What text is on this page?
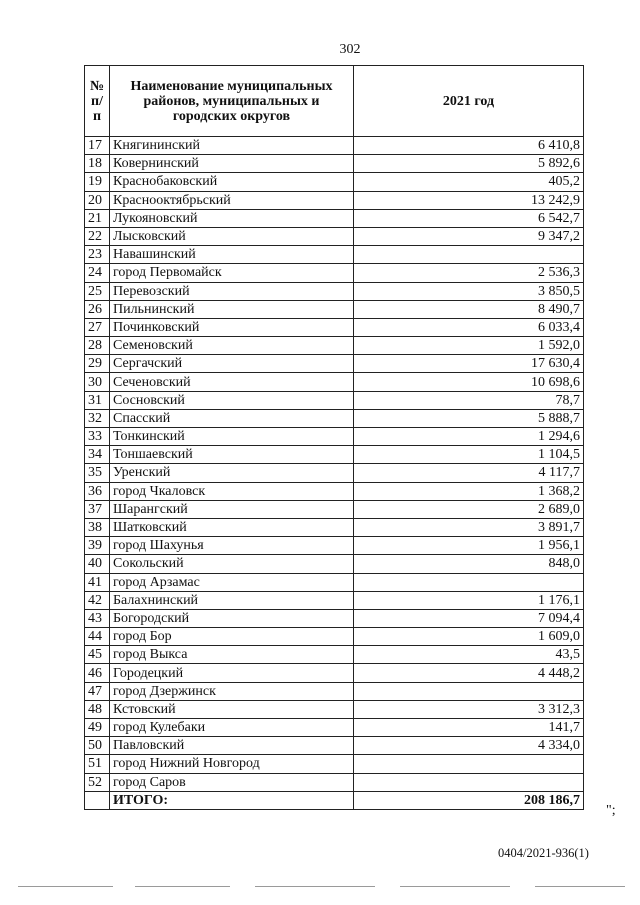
302
№ п/п	Наименование муниципальных районов, муниципальных и городских округов	2021 год
17	Княгининский	6 410,8
18	Ковернинский	5 892,6
19	Краснобаковский	405,2
20	Краснооктябрьский	13 242,9
21	Лукояновский	6 542,7
22	Лысковский	9 347,2
23	Навашинский	
24	город Первомайск	2 536,3
25	Перевозский	3 850,5
26	Пильнинский	8 490,7
27	Починковский	6 033,4
28	Семеновский	1 592,0
29	Сергачский	17 630,4
30	Сеченовский	10 698,6
31	Сосновский	78,7
32	Спасский	5 888,7
33	Тонкинский	1 294,6
34	Тоншаевский	1 104,5
35	Уренский	4 117,7
36	город Чкаловск	1 368,2
37	Шарангский	2 689,0
38	Шатковский	3 891,7
39	город Шахунья	1 956,1
40	Сокольский	848,0
41	город Арзамас	
42	Балахнинский	1 176,1
43	Богородский	7 094,4
44	город Бор	1 609,0
45	город Выкса	43,5
46	Городецкий	4 448,2
47	город Дзержинск	
48	Кстовский	3 312,3
49	город Кулебаки	141,7
50	Павловский	4 334,0
51	город Нижний Новгород	
52	город Саров	
	ИТОГО:	208 186,7
";
0404/2021-936(1)
